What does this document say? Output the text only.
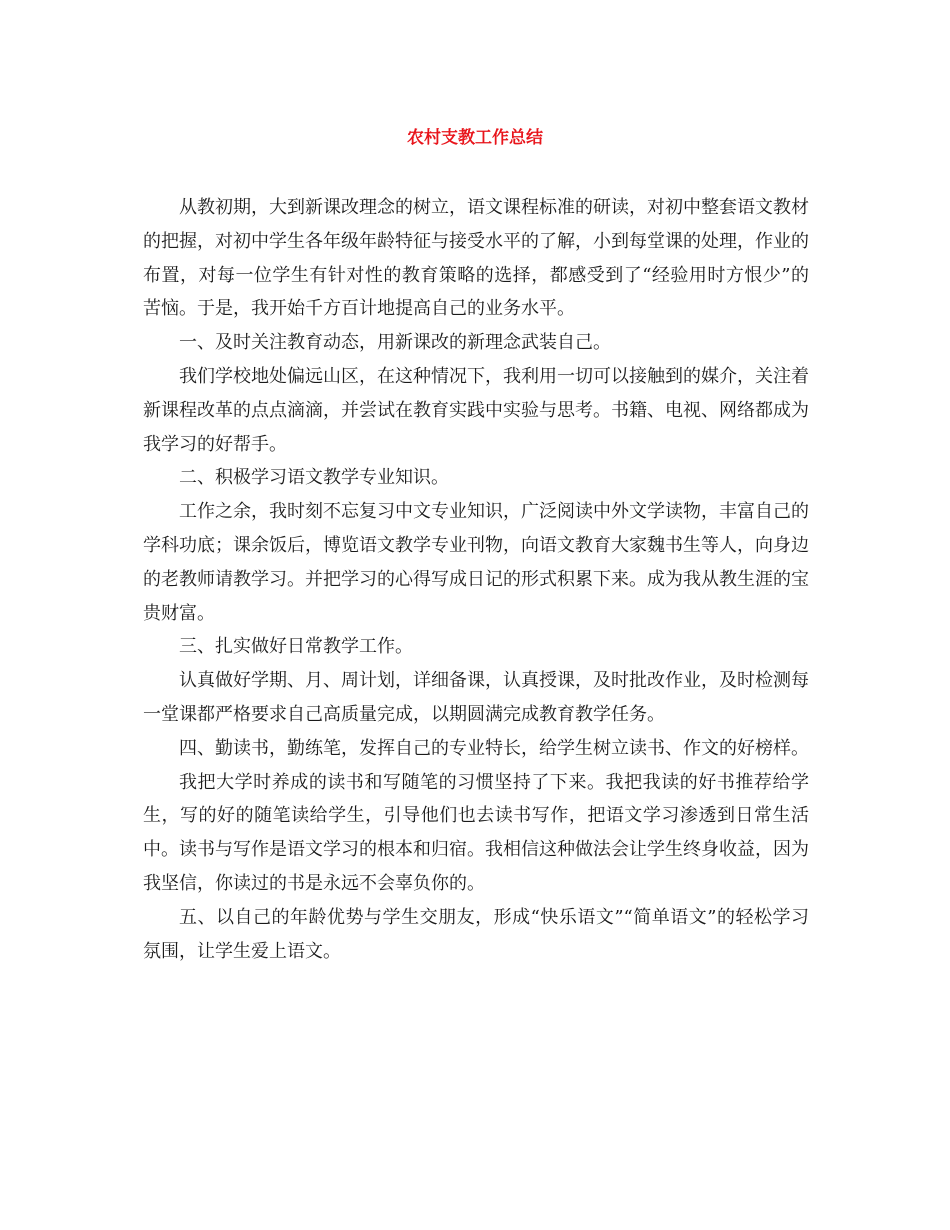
农村支教工作总结

从教初期，大到新课改理念的树立，语文课程标准的研读，对初中整套语文教材的把握，对初中学生各年级年龄特征与接受水平的了解，小到每堂课的处理，作业的布置，对每一位学生有针对性的教育策略的选择，都感受到了“经验用时方恨少”的苦恼。于是，我开始千方百计地提高自己的业务水平。

一、及时关注教育动态，用新课改的新理念武装自己。

我们学校地处偏远山区，在这种情况下，我利用一切可以接触到的媒介，关注着新课程改革的点点滴滴，并尝试在教育实践中实验与思考。书籍、电视、网络都成为我学习的好帮手。

二、积极学习语文教学专业知识。

工作之余，我时刻不忘复习中文专业知识，广泛阅读中外文学读物，丰富自己的学科功底；课余饭后，博览语文教学专业刊物，向语文教育大家魏书生等人，向身边的老教师请教学习。并把学习的心得写成日记的形式积累下来。成为我从教生涯的宝贵财富。

三、扎实做好日常教学工作。

认真做好学期、月、周计划，详细备课，认真授课，及时批改作业，及时检测每一堂课都严格要求自己高质量完成，以期圆满完成教育教学任务。

四、勤读书，勤练笔，发挥自己的专业特长，给学生树立读书、作文的好榜样。

我把大学时养成的读书和写随笔的习惯坚持了下来。我把我读的好书推荐给学生，写的好的随笔读给学生，引导他们也去读书写作，把语文学习渗透到日常生活中。读书与写作是语文学习的根本和归宿。我相信这种做法会让学生终身收益，因为我坚信，你读过的书是永远不会辜负你的。

五、以自己的年龄优势与学生交朋友，形成“快乐语文”“简单语文”的轻松学习氛围，让学生爱上语文。
